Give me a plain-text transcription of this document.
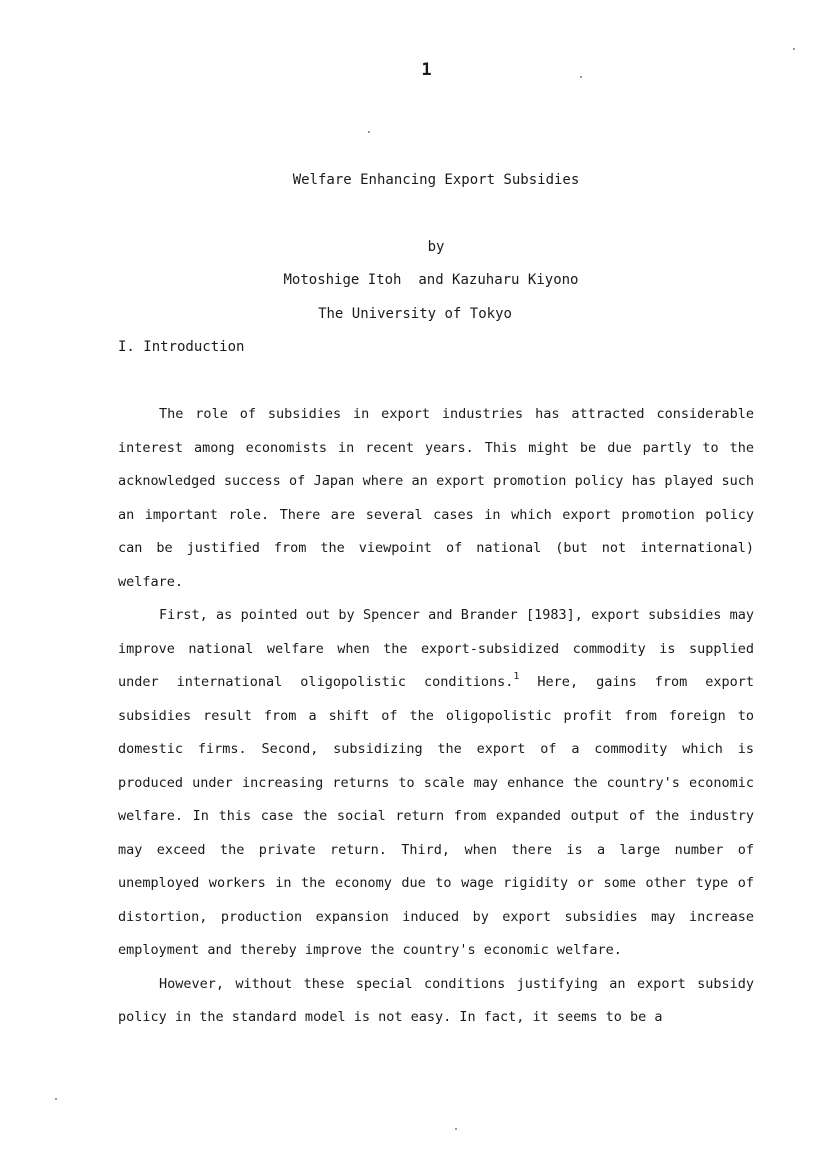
1
Welfare Enhancing Export Subsidies
by
Motoshige Itoh  and Kazuharu Kiyono
The University of Tokyo
I. Introduction

The role of subsidies in export industries has attracted considerable interest among economists in recent years. This might be due partly to the acknowledged success of Japan where an export promotion policy has played such an important role. There are several cases in which export promotion policy can be justified from the viewpoint of national (but not international) welfare.

First, as pointed out by Spencer and Brander [1983], export subsidies may improve national welfare when the export-subsidized commodity is supplied under international oligopolistic conditions.$^1$ Here, gains from export subsidies result from a shift of the oligopolistic profit from foreign to domestic firms. Second, subsidizing the export of a commodity which is produced under increasing returns to scale may enhance the country's economic welfare. In this case the social return from expanded output of the industry may exceed the private return. Third, when there is a large number of unemployed workers in the economy due to wage rigidity or some other type of distortion, production expansion induced by export subsidies may increase employment and thereby improve the country's economic welfare.

However, without these special conditions justifying an export subsidy policy in the standard model is not easy. In fact, it seems to be a
